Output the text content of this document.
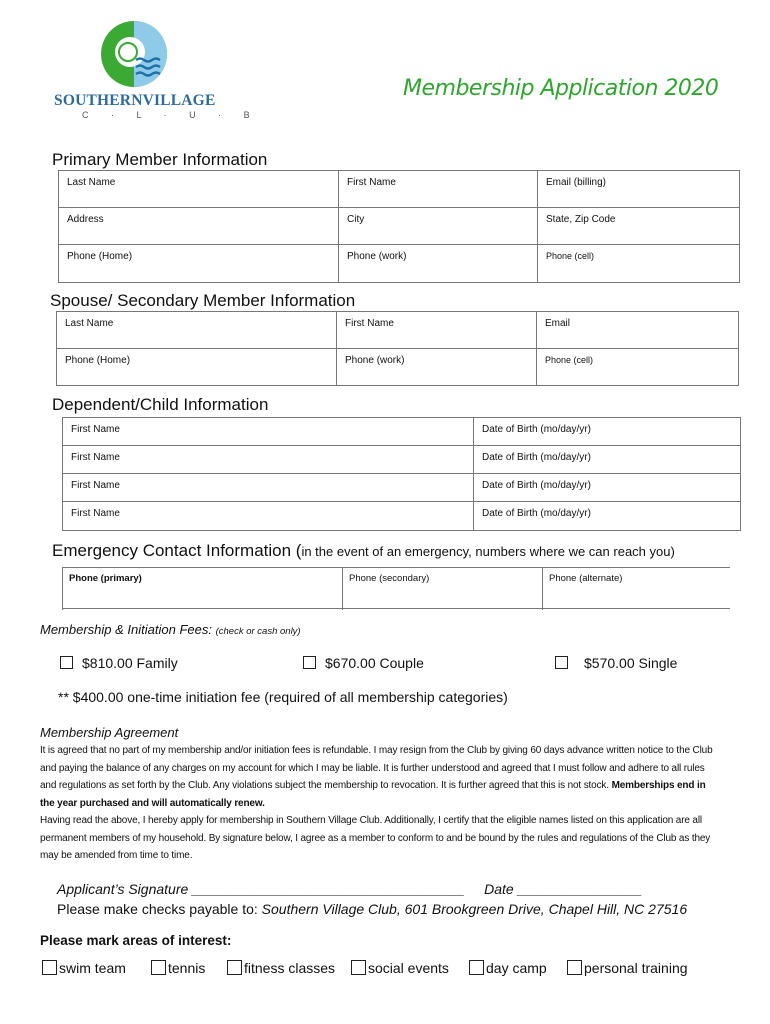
SOUTHERNVILLAGE
C · L · U · B
Membership Application 2020
Primary Member Information
Last Name	First Name	Email (billing)
Address	City	State, Zip Code
Phone (Home)	Phone (work)	Phone (cell)
Spouse/ Secondary Member Information
Last Name	First Name	Email
Phone (Home)	Phone (work)	Phone (cell)
Dependent/Child Information
First Name	Date of Birth (mo/day/yr)
First Name	Date of Birth (mo/day/yr)
First Name	Date of Birth (mo/day/yr)
First Name	Date of Birth (mo/day/yr)
Emergency Contact Information (in the event of an emergency, numbers where we can reach you)
Phone (primary)	Phone (secondary)	Phone (alternate)
Membership & Initiation Fees: (check or cash only)
$810.00 Family	$670.00 Couple	$570.00 Single
** $400.00 one-time initiation fee (required of all membership categories)
Membership Agreement

It is agreed that no part of my membership and/or initiation fees is refundable. I may resign from the Club by giving 60 days advance written notice to the Club and paying the balance of any charges on my account for which I may be liable. It is further understood and agreed that I must follow and adhere to all rules and regulations as set forth by the Club. Any violations subject the membership to revocation. It is further agreed that this is not stock. Memberships end in the year purchased and will automatically renew.

Having read the above, I hereby apply for membership in Southern Village Club. Additionally, I certify that the eligible names listed on this application are all permanent members of my household. By signature below, I agree as a member to conform to and be bound by the rules and regulations of the Club as they may be amended from time to time.

Applicant’s Signature ___________________________________ Date ________________
Please make checks payable to: Southern Village Club, 601 Brookgreen Drive, Chapel Hill, NC 27516
Please mark areas of interest:
swim team	tennis	fitness classes	social events	day camp	personal training
